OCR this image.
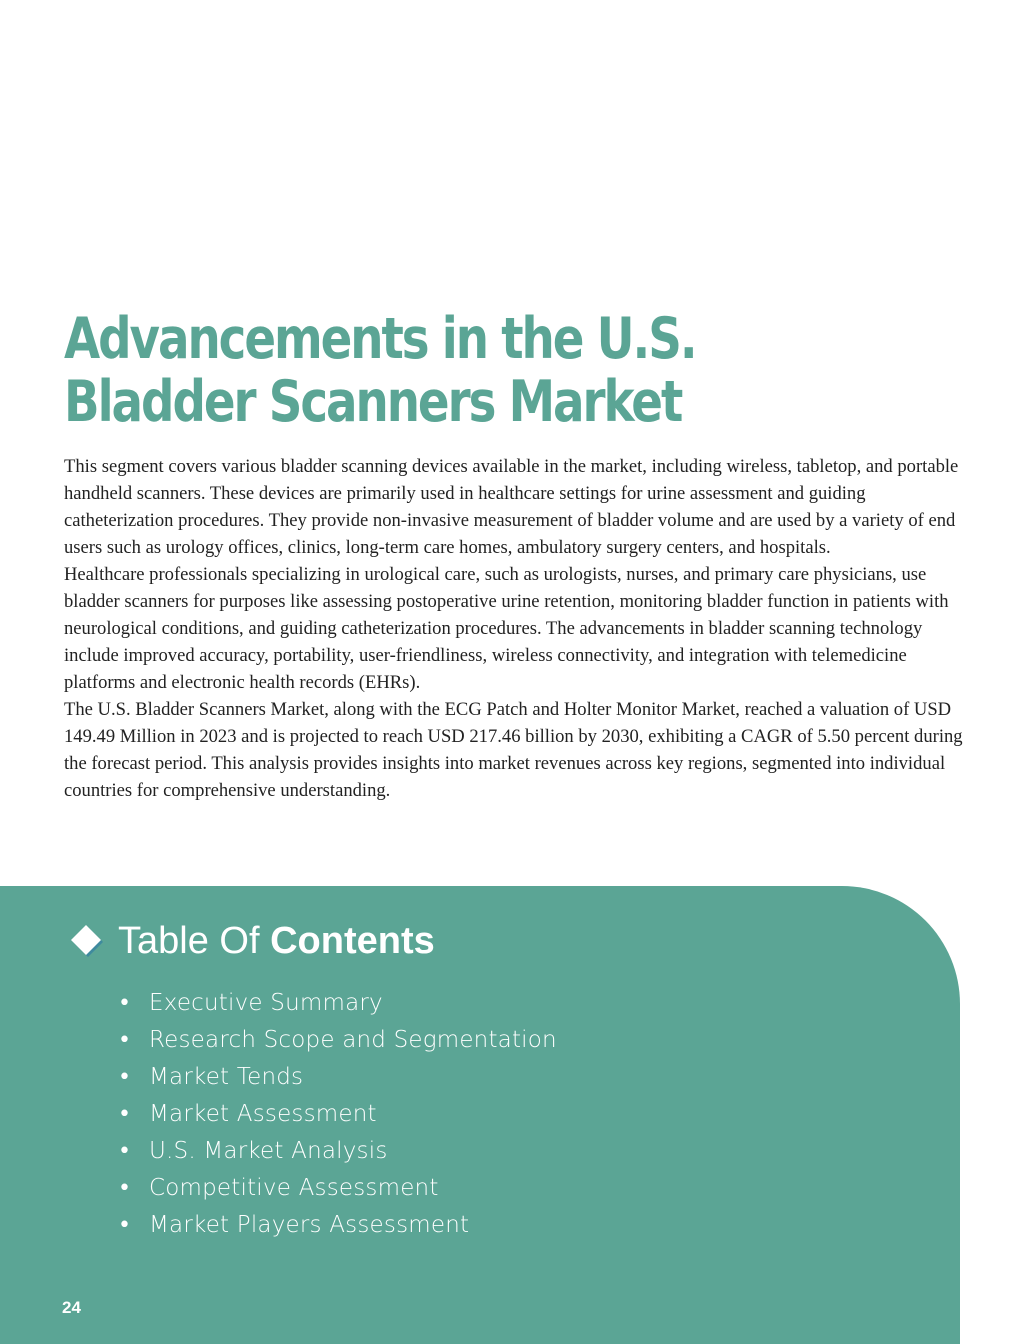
Advancements in the U.S.
Bladder Scanners Market

This segment covers various bladder scanning devices available in the market, including wireless, tabletop, and portable handheld scanners. These devices are primarily used in healthcare settings for urine assessment and guiding catheterization procedures. They provide non-invasive measurement of bladder volume and are used by a variety of end users such as urology offices, clinics, long-term care homes, ambulatory surgery centers, and hospitals.

Healthcare professionals specializing in urological care, such as urologists, nurses, and primary care physicians, use bladder scanners for purposes like assessing postoperative urine retention, monitoring bladder function in patients with neurological conditions, and guiding catheterization procedures. The advancements in bladder scanning technology include improved accuracy, portability, user-friendliness, wireless connectivity, and integration with telemedicine platforms and electronic health records (EHRs).

The U.S. Bladder Scanners Market, along with the ECG Patch and Holter Monitor Market, reached a valuation of USD 149.49 Million in 2023 and is projected to reach USD 217.46 billion by 2030, exhibiting a CAGR of 5.50 percent during the forecast period. This analysis provides insights into market revenues across key regions, segmented into individual countries for comprehensive understanding.

Table Of Contents
• Executive Summary
• Research Scope and Segmentation
• Market Tends
• Market Assessment
• U.S. Market Analysis
• Competitive Assessment
• Market Players Assessment
24
